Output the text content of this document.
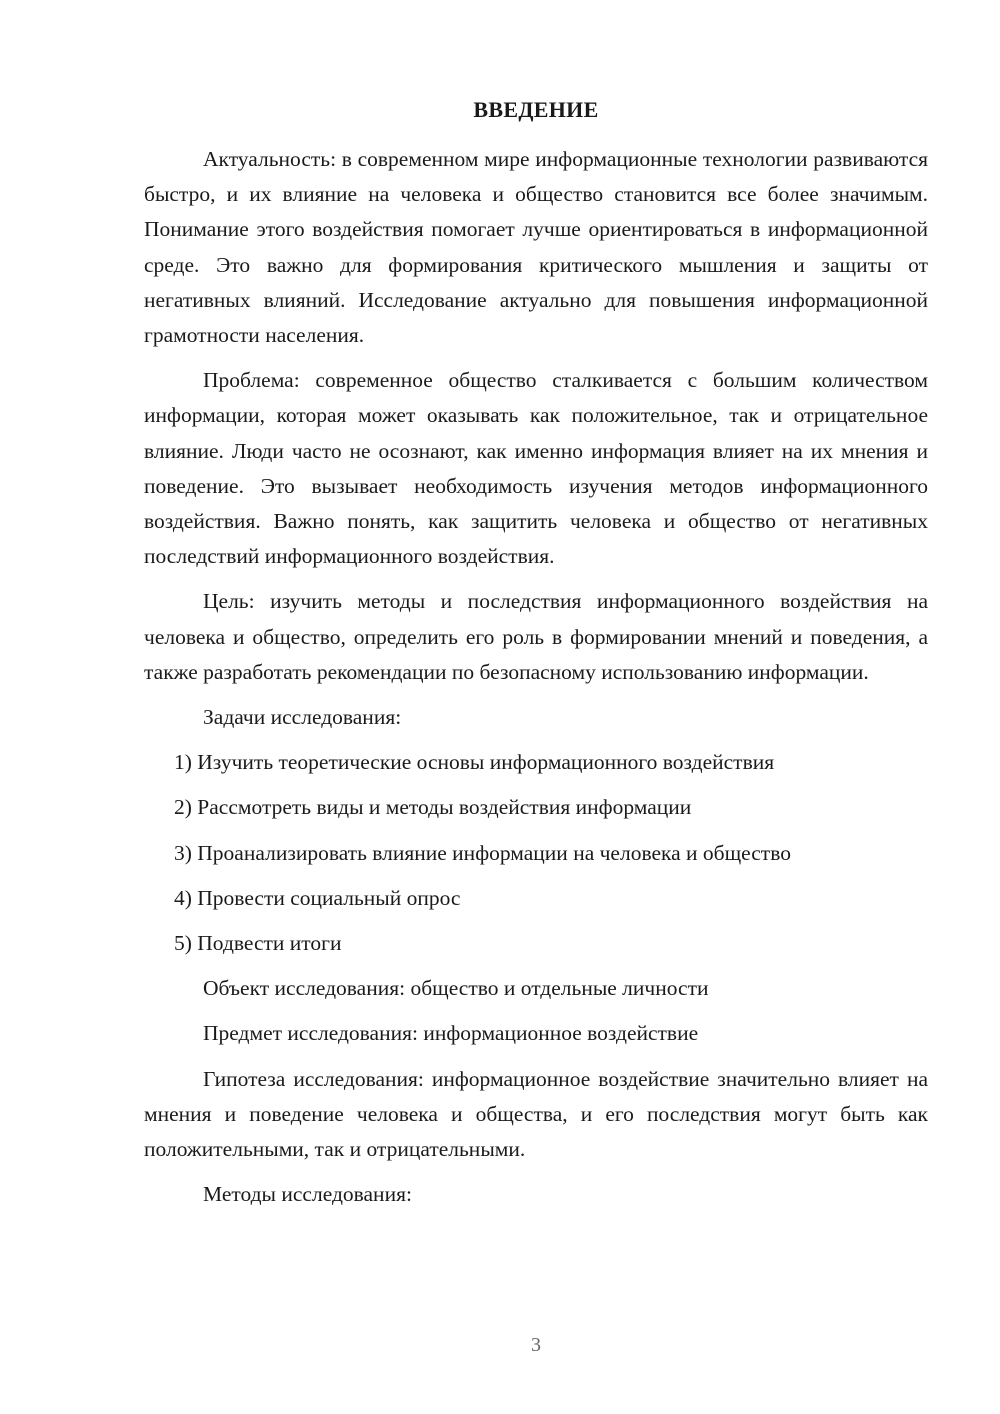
ВВЕДЕНИЕ

Актуальность: в современном мире информационные технологии развиваются быстро, и их влияние на человека и общество становится все более значимым. Понимание этого воздействия помогает лучше ориентироваться в информационной среде. Это важно для формирования критического мышления и защиты от негативных влияний. Исследование актуально для повышения информационной грамотности населения.

Проблема: современное общество сталкивается с большим количеством информации, которая может оказывать как положительное, так и отрицательное влияние. Люди часто не осознают, как именно информация влияет на их мнения и поведение. Это вызывает необходимость изучения методов информационного воздействия. Важно понять, как защитить человека и общество от негативных последствий информационного воздействия.

Цель: изучить методы и последствия информационного воздействия на человека и общество, определить его роль в формировании мнений и поведения, а также разработать рекомендации по безопасному использованию информации.

Задачи исследования:

1) Изучить теоретические основы информационного воздействия

2) Рассмотреть виды и методы воздействия информации

3) Проанализировать влияние информации на человека и общество

4) Провести социальный опрос

5) Подвести итоги

Объект исследования: общество и отдельные личности

Предмет исследования: информационное воздействие

Гипотеза исследования: информационное воздействие значительно влияет на мнения и поведение человека и общества, и его последствия могут быть как положительными, так и отрицательными.

Методы исследования:

3
